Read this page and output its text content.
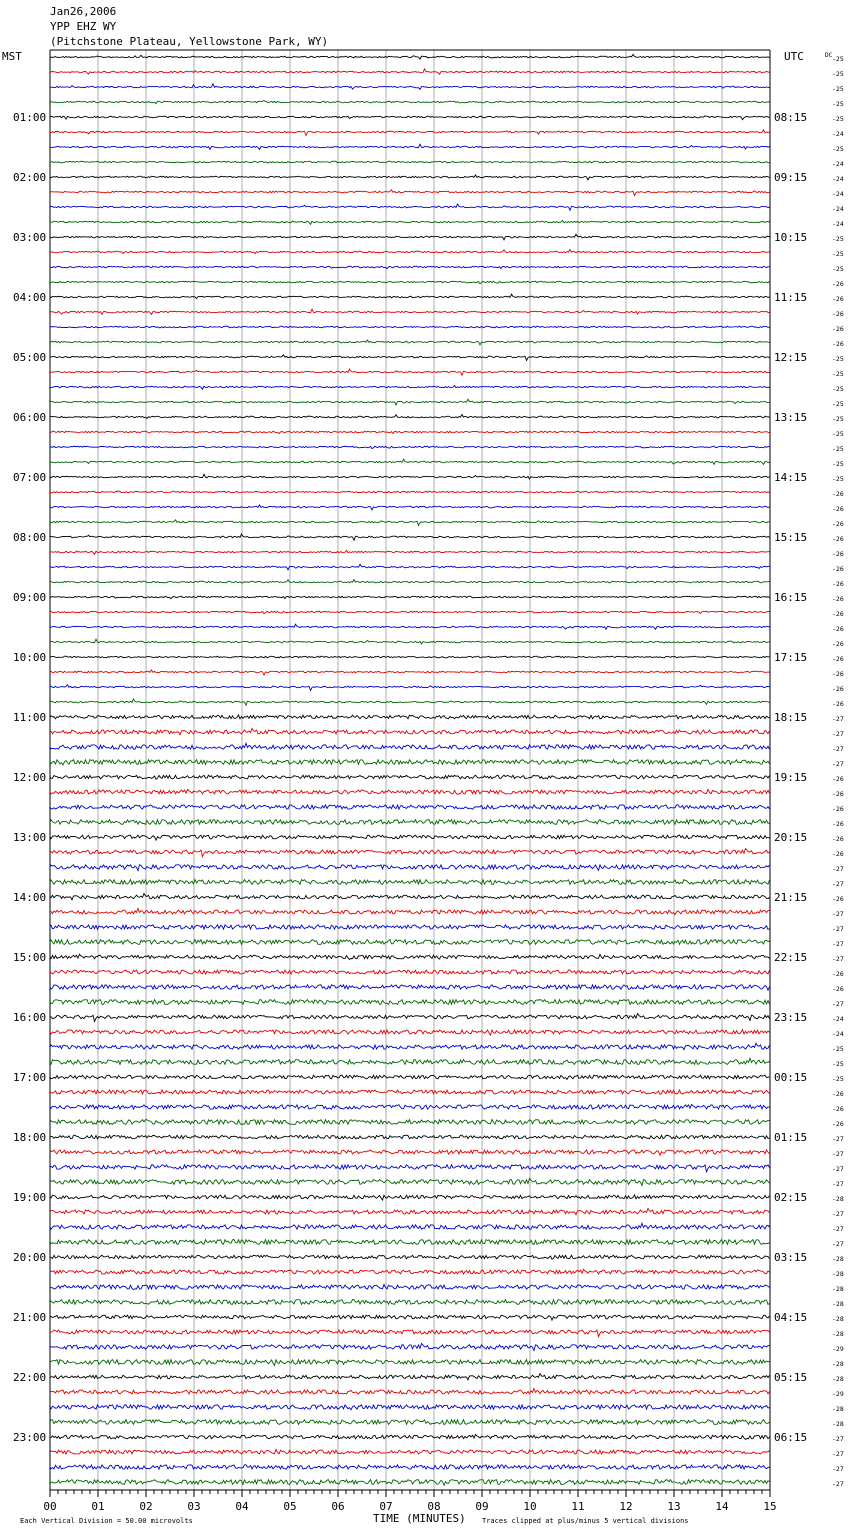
Jan26,2006
YPP EHZ WY
(Pitchstone Plateau, Yellowstone Park, WY)
MST	UTC	DC
01:00
02:00
03:00
04:00
05:00
06:00
07:00
08:00
09:00
10:00
11:00
12:00
13:00
14:00
15:00
16:00
17:00
18:00
19:00
20:00
21:00
22:00
23:00
08:15
09:15
10:15
11:15
12:15
13:15
14:15
15:15
16:15
17:15
18:15
19:15
20:15
21:15
22:15
23:15
00:15
01:15
02:15
03:15
04:15
05:15
06:15
-25
-25
-25
-25
-25
-24
-25
-24
-24
-24
-24
-24
-25
-25
-25
-26
-26
-26
-26
-26
-25
-25
-25
-25
-25
-25
-25
-25
-25
-26
-26
-26
-26
-26
-26
-26
-26
-26
-26
-26
-26
-26
-26
-26
-27
-27
-27
-27
-26
-26
-26
-26
-26
-26
-27
-27
-26
-27
-27
-27
-27
-26
-26
-27
-24
-24
-25
-25
-25
-26
-26
-26
-27
-27
-27
-27
-28
-27
-27
-27
-28
-28
-28
-28
-28
-28
-29
-28
-28
-29
-28
-28
-27
-27
-27
-27
00	01	02	03	04	05	06	07	08	09	10	11	12	13	14	15
TIME (MINUTES)
Each Vertical Division = 50.00 microvolts	Traces clipped at plus/minus 5 vertical divisions
